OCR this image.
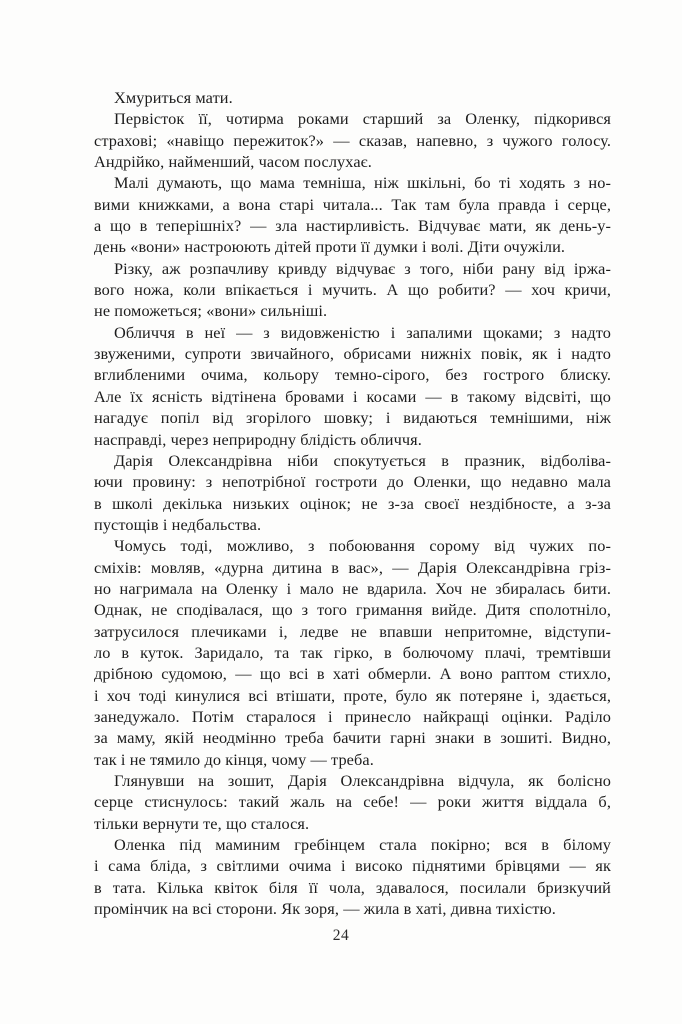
Хмуриться мати.
Первісток її, чотирма роками старший за Оленку, підкорився
страхові; «навіщо пережиток?» — сказав, напевно, з чужого голосу.
Андрійко, найменший, часом послухає.
Малі думають, що мама темніша, ніж шкільні, бо ті ходять з но-
вими книжками, а вона старі читала... Так там була правда і серце,
а що в теперішніх? — зла настирливість. Відчуває мати, як день-у-
день «вони» настроюють дітей проти її думки і волі. Діти очужіли.
Різку, аж розпачливу кривду відчуває з того, ніби рану від іржа-
вого ножа, коли впікається і мучить. А що робити? — хоч кричи,
не поможеться; «вони» сильніші.
Обличчя в неї — з видовженістю і запалими щоками; з надто
звуженими, супроти звичайного, обрисами нижніх повік, як і надто
вглибленими очима, кольору темно-сірого, без гострого блиску.
Але їх ясність відтінена бровами і косами — в такому відсвіті, що
нагадує попіл від згорілого шовку; і видаються темнішими, ніж
насправді, через неприродну блідість обличчя.
Дарія Олександрівна ніби спокутується в празник, відболіва-
ючи провину: з непотрібної гостроти до Оленки, що недавно мала
в школі декілька низьких оцінок; не з-за своєї нездібносте, а з-за
пустощів і недбальства.
Чомусь тоді, можливо, з побоювання сорому від чужих по-
сміхів: мовляв, «дурна дитина в вас», — Дарія Олександрівна гріз-
но нагримала на Оленку і мало не вдарила. Хоч не збиралась бити.
Однак, не сподівалася, що з того гримання вийде. Дитя сполотніло,
затрусилося плечиками і, ледве не впавши непритомне, відступи-
ло в куток. Заридало, та так гірко, в болючому плачі, тремтівши
дрібною судомою, — що всі в хаті обмерли. А воно раптом стихло,
і хоч тоді кинулися всі втішати, проте, було як потеряне і, здається,
занедужало. Потім старалося і принесло найкращі оцінки. Раділо
за маму, якій неодмінно треба бачити гарні знаки в зошиті. Видно,
так і не тямило до кінця, чому — треба.
Глянувши на зошит, Дарія Олександрівна відчула, як болісно
серце стиснулось: такий жаль на себе! — роки життя віддала б,
тільки вернути те, що сталося.
Оленка під маминим гребінцем стала покірно; вся в білому
і сама бліда, з світлими очима і високо піднятими брівцями — як
в тата. Кілька квіток біля її чола, здавалося, посилали бризкучий
промінчик на всі сторони. Як зоря, — жила в хаті, дивна тихістю.
24
